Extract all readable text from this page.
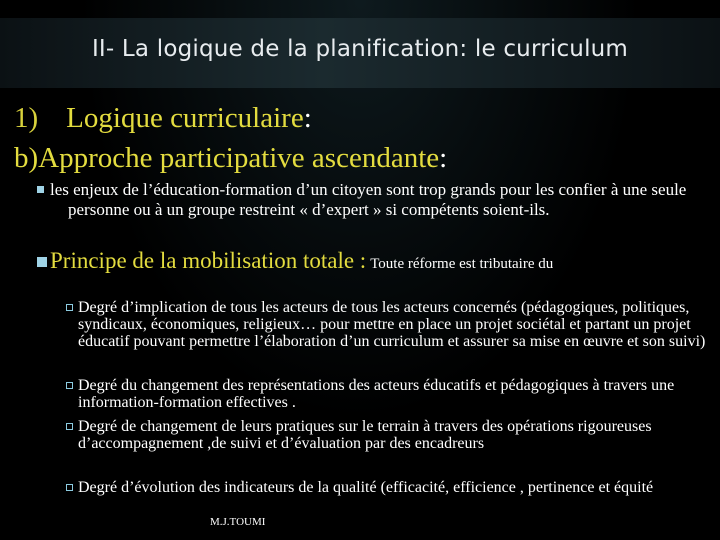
II- La logique de la planification: le curriculum
1) Logique curriculaire:
b)Approche participative ascendante:
les enjeux de l’éducation-formation d’un citoyen sont trop grands pour les confier à une seule personne ou à un groupe restreint « d’expert » si compétents soient-ils.
Principe de la mobilisation totale : Toute réforme est tributaire du
Degré d’implication de tous les acteurs de tous les acteurs concernés (pédagogiques, politiques, syndicaux, économiques, religieux… pour mettre en place un projet sociétal et partant un projet éducatif pouvant permettre l’élaboration d’un curriculum et assurer sa mise en œuvre et son suivi)
Degré du changement des représentations des acteurs éducatifs et pédagogiques à travers une information-formation effectives .
Degré de changement de leurs pratiques sur le terrain à travers des opérations rigoureuses d’accompagnement ,de suivi et d’évaluation par des encadreurs
Degré d’évolution des indicateurs de la qualité (efficacité, efficience , pertinence et équité
M.J.TOUMI
